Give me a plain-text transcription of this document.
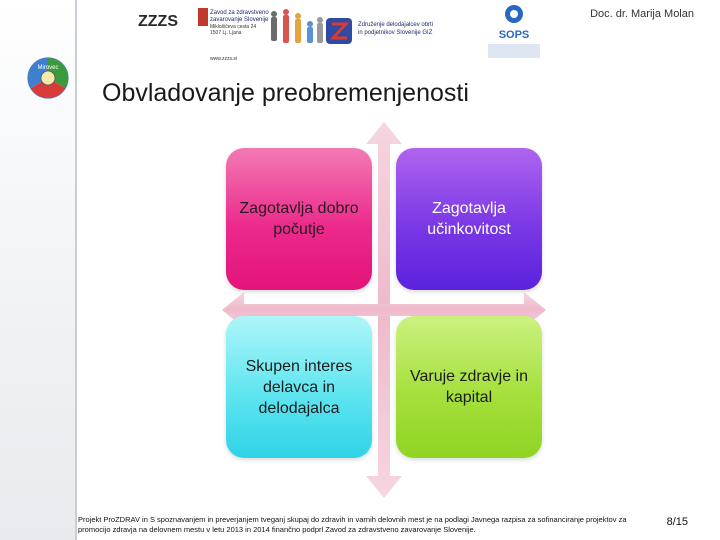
Mirovec
ZZZS	Zavod za zdravstveno
zavarovanje Slovenije
Miklošičeva cesta 24
1507 Lj. Ljana
www.zzzs.si
Združenje delodajalcev obrti
in podjetnikov Slovenije GIZ	SOPS
Doc. dr. Marija Molan
Obvladovanje preobremenjenosti
Zagotavlja dobro počutje
Zagotavlja učinkovitost
Skupen interes delavca in delodajalca
Varuje zdravje in kapital
Projekt ProZDRAV in S spoznavanjem in preverjanjem tveganj skupaj do zdravih in varnih delovnih mest je na podlagi Javnega razpisa za sofinanciranje projektov za promocijo zdravja na delovnem mestu v letu 2013 in 2014 finančno podprl Zavod za zdravstveno zavarovanje Slovenije.
8/15
